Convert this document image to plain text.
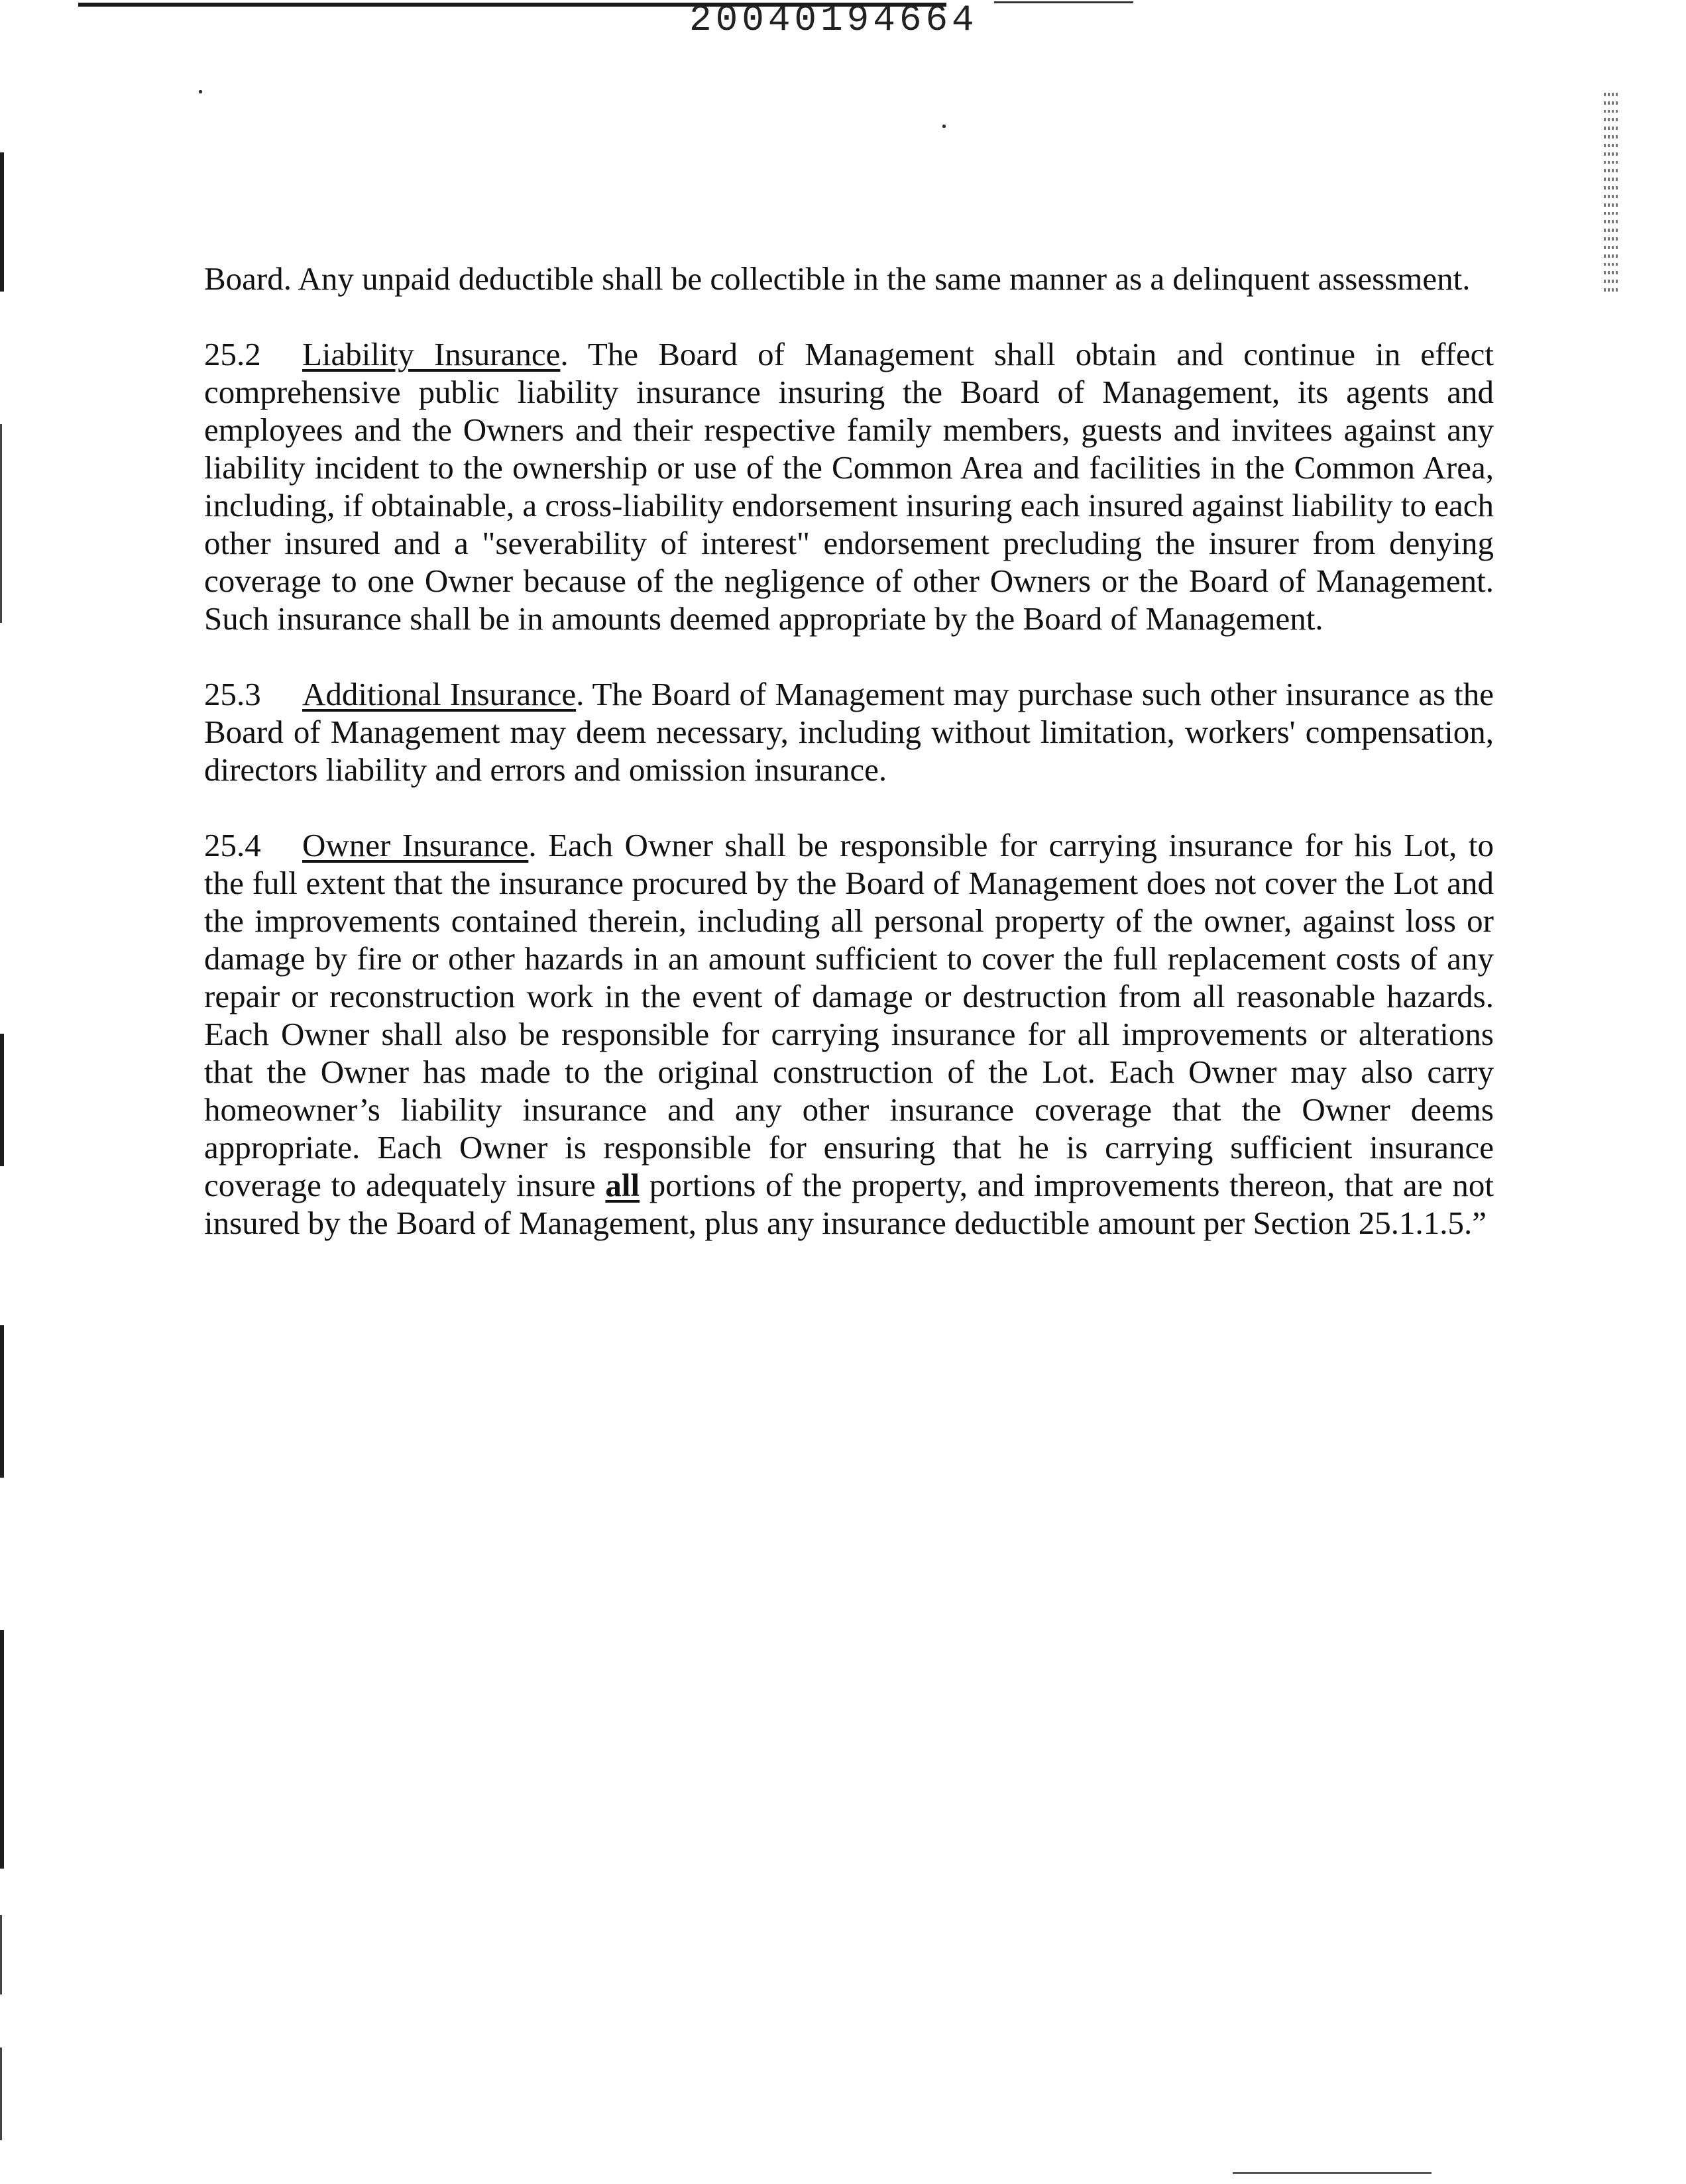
20040194664

Board. Any unpaid deductible shall be collectible in the same manner as a delinquent assessment.

25.2 Liability Insurance. The Board of Management shall obtain and continue in effect comprehensive public liability insurance insuring the Board of Management, its agents and employees and the Owners and their respective family members, guests and invitees against any liability incident to the ownership or use of the Common Area and facilities in the Common Area, including, if obtainable, a cross-liability endorsement insuring each insured against liability to each other insured and a "severability of interest" endorsement precluding the insurer from denying coverage to one Owner because of the negligence of other Owners or the Board of Management. Such insurance shall be in amounts deemed appropriate by the Board of Management.

25.3 Additional Insurance. The Board of Management may purchase such other insurance as the Board of Management may deem necessary, including without limitation, workers' compensation, directors liability and errors and omission insurance.

25.4 Owner Insurance. Each Owner shall be responsible for carrying insurance for his Lot, to the full extent that the insurance procured by the Board of Management does not cover the Lot and the improvements contained therein, including all personal property of the owner, against loss or damage by fire or other hazards in an amount sufficient to cover the full replacement costs of any repair or reconstruction work in the event of damage or destruction from all reasonable hazards. Each Owner shall also be responsible for carrying insurance for all improvements or alterations that the Owner has made to the original construction of the Lot. Each Owner may also carry homeowner’s liability insurance and any other insurance coverage that the Owner deems appropriate. Each Owner is responsible for ensuring that he is carrying sufficient insurance coverage to adequately insure all portions of the property, and improvements thereon, that are not insured by the Board of Management, plus any insurance deductible amount per Section 25.1.1.5.”
